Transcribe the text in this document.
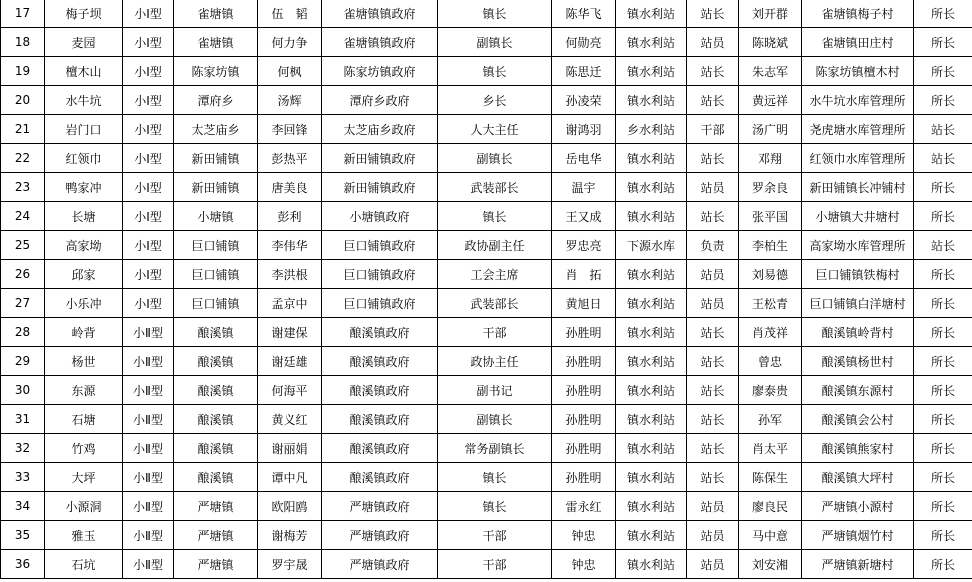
17	梅子坝	小Ⅰ型	雀塘镇	伍　韬	雀塘镇镇政府	镇长	陈华飞	镇水利站	站长	刘开群	雀塘镇梅子村	所长
18	麦园	小Ⅰ型	雀塘镇	何力争	雀塘镇镇政府	副镇长	何勋亮	镇水利站	站员	陈晓斌	雀塘镇田庄村	所长
19	檀木山	小Ⅰ型	陈家坊镇	何枫	陈家坊镇政府	镇长	陈思迁	镇水利站	站长	朱志军	陈家坊镇檀木村	所长
20	水牛坑	小Ⅰ型	潭府乡	汤辉	潭府乡政府	乡长	孙凌荣	镇水利站	站长	黄远祥	水牛坑水库管理所	所长
21	岩门口	小Ⅰ型	太芝庙乡	李回锋	太芝庙乡政府	人大主任	谢鸿羽	乡水利站	干部	汤广明	尧虎塘水库管理所	站长
22	红领巾	小Ⅰ型	新田铺镇	彭热平	新田铺镇政府	副镇长	岳电华	镇水利站	站长	邓翔	红领巾水库管理所	站长
23	鸭家冲	小Ⅰ型	新田铺镇	唐美良	新田铺镇政府	武装部长	温宇	镇水利站	站员	罗余良	新田铺镇长冲铺村	所长
24	长塘	小Ⅰ型	小塘镇	彭利	小塘镇政府	镇长	王又成	镇水利站	站长	张平国	小塘镇大井塘村	所长
25	高家坳	小Ⅰ型	巨口铺镇	李伟华	巨口铺镇政府	政协副主任	罗忠亮	下源水库	负责	李柏生	高家坳水库管理所	站长
26	邱家	小Ⅰ型	巨口铺镇	李洪根	巨口铺镇政府	工会主席	肖　拓	镇水利站	站员	刘易德	巨口铺镇铁梅村	所长
27	小乐冲	小Ⅰ型	巨口铺镇	孟京中	巨口铺镇政府	武装部长	黄旭日	镇水利站	站员	王松青	巨口铺镇白洋塘村	所长
28	岭背	小Ⅱ型	酿溪镇	谢建保	酿溪镇政府	干部	孙胜明	镇水利站	站长	肖茂祥	酿溪镇岭背村	所长
29	杨世	小Ⅱ型	酿溪镇	谢廷雄	酿溪镇政府	政协主任	孙胜明	镇水利站	站长	曾忠	酿溪镇杨世村	所长
30	东源	小Ⅱ型	酿溪镇	何海平	酿溪镇政府	副书记	孙胜明	镇水利站	站长	廖泰贵	酿溪镇东源村	所长
31	石塘	小Ⅱ型	酿溪镇	黄义红	酿溪镇政府	副镇长	孙胜明	镇水利站	站长	孙军	酿溪镇会公村	所长
32	竹鸡	小Ⅱ型	酿溪镇	谢丽娟	酿溪镇政府	常务副镇长	孙胜明	镇水利站	站长	肖太平	酿溪镇熊家村	所长
33	大坪	小Ⅱ型	酿溪镇	谭中凡	酿溪镇政府	镇长	孙胜明	镇水利站	站长	陈保生	酿溪镇大坪村	所长
34	小源洞	小Ⅱ型	严塘镇	欧阳鸥	严塘镇政府	镇长	雷永红	镇水利站	站员	廖良民	严塘镇小源村	所长
35	雅玉	小Ⅱ型	严塘镇	谢梅芳	严塘镇政府	干部	钟忠	镇水利站	站员	马中意	严塘镇烟竹村	所长
36	石坑	小Ⅱ型	严塘镇	罗宇晟	严塘镇政府	干部	钟忠	镇水利站	站员	刘安湘	严塘镇新塘村	所长
